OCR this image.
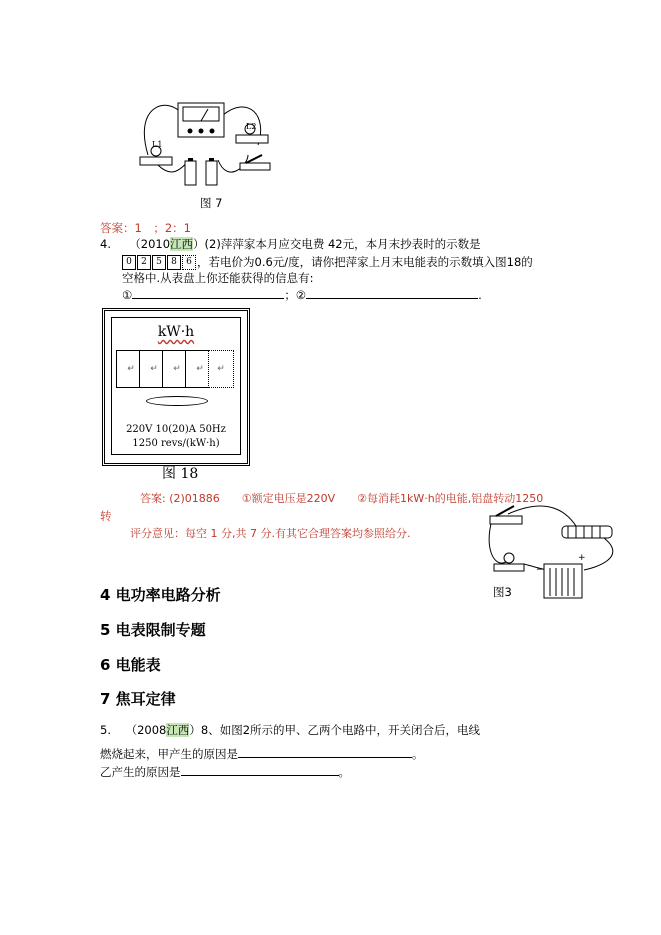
L2
L1
图 7
答案：1　；2：1
4. （2010江西）(2)萍萍家本月应交电费 42元，本月末抄表时的示数是
0 2 5 8 6 ，若电价为0.6元/度，请你把萍家上月末电能表的示数填入图18的
空格中.从表盘上你还能获得的信息有:
①	；②	.
kW·h
↵	↵	↵	↵	↵
220V 10(20)A 50Hz
1250 revs/(kW·h)
图 18
答案: (2)01886　　①额定电压是220V　　②每消耗1kW·h的电能,铝盘转动1250
转
评分意见：每空 1 分,共 7 分.有其它合理答案均参照给分.
−
+
图3
4 电功率电路分析
5 电表限制专题
6 电能表
7 焦耳定律
5. （2008江西）8、如图2所示的甲、乙两个电路中，开关闭合后，电线
燃烧起来，甲产生的原因是	。
乙产生的原因是	。
